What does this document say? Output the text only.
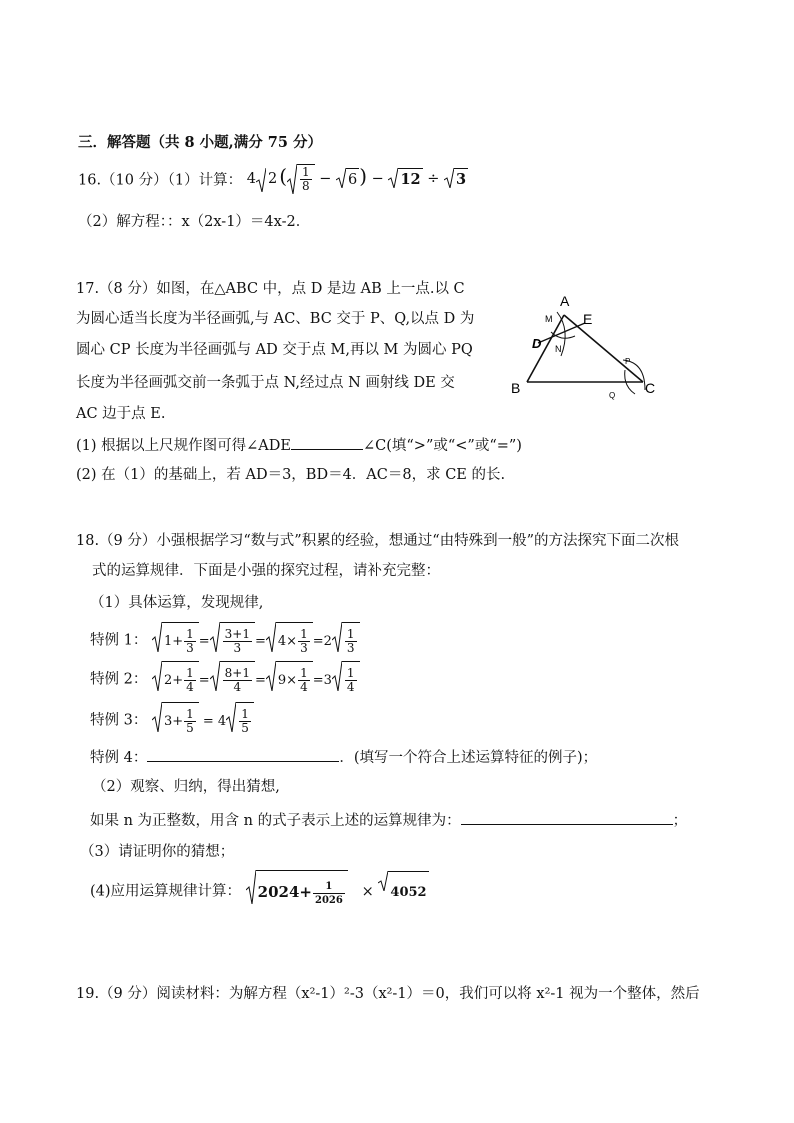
三．解答题（共 8 小题,满分 75 分）
16.（10 分）（1）计算： 4 2 ( $\frac{1}{8}$ −
6 ) −
12 ÷
3
（2）解方程：：x（2x-1）＝4x-2．
17.（8 分）如图，在△ABC 中，点 D 是边 AB 上一点.以 C
为圆心适当长度为半径画弧,与 AC、BC 交于 P、Q,以点 D 为
圆心 CP 长度为半径画弧与 AD 交于点 M,再以 M 为圆心 PQ
长度为半径画弧交前一条弧于点 N,经过点 N 画射线 DE 交
AC 边于点 E.
(1) 根据以上尺规作图可得∠ADE	∠C(填“>”或“<”或“=”)
(2) 在（1）的基础上，若 AD＝3，BD＝4．AC＝8，求 CE 的长.
A
B	C
D
E
M
N
P
Q
18.（9 分）小强根据学习“数与式”积累的经验，想通过“由特殊到一般”的方法探究下面二次根
式的运算规律．下面是小强的探究过程，请补充完整：
（1）具体运算，发现规律,
特例 1： $1+ \frac{1}{3} = \frac{3+1}{3} = 4\times \frac{1}{3} =2 \frac{1}{3}$
特例 2： $2+ \frac{1}{4} = \frac{8+1}{4} = 9\times \frac{1}{4} =3 \frac{1}{4}$
特例 3： $3+ \frac{1}{5} = 4 \frac{1}{5}$
特例 4：	．(填写一个符合上述运算特征的例子)；
（2）观察、归纳，得出猜想,
如果 n 为正整数，用含 n 的式子表示上述的运算规律为：	；
（3）请证明你的猜想；
(4)应用运算规律计算： $2024+ \frac{1}{2026} \times 4052$
19.（9 分）阅读材料：为解方程（x²-1）²-3（x²-1）＝0，我们可以将 x²-1 视为一个整体，然后
